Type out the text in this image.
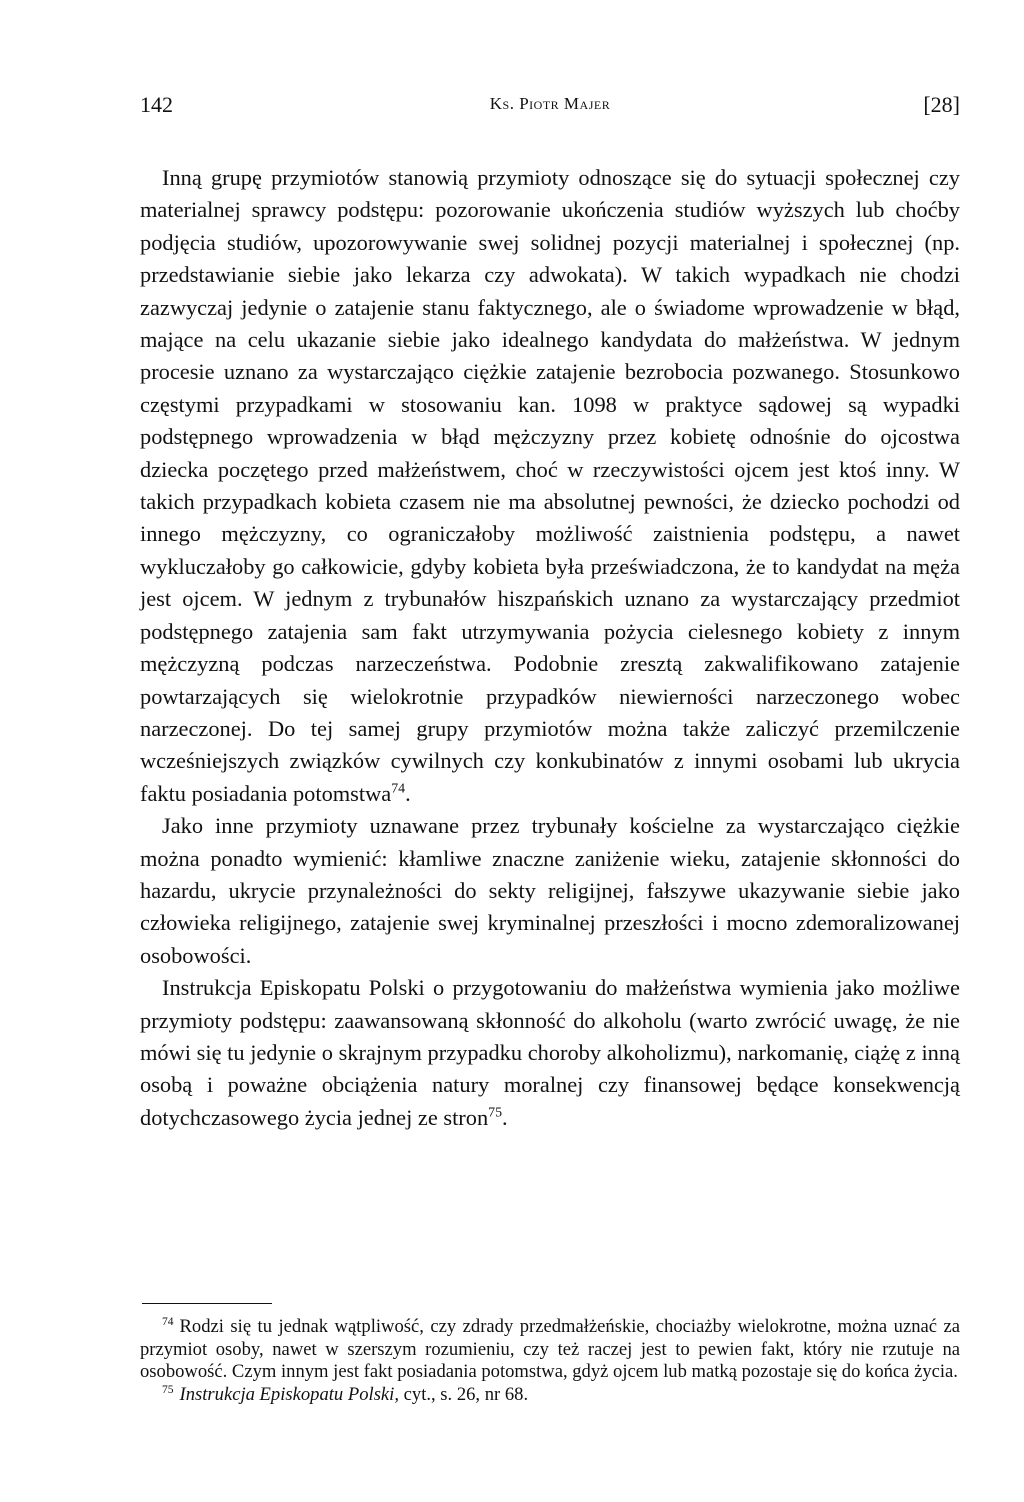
142	Ks. Piotr Majer	[28]

Inną grupę przymiotów stanowią przymioty odnoszące się do sytuacji społecznej czy materialnej sprawcy podstępu: pozorowanie ukończenia studiów wyższych lub choćby podjęcia studiów, upozorowywanie swej solidnej pozycji materialnej i społecznej (np. przedstawianie siebie jako lekarza czy adwokata). W takich wypadkach nie chodzi zazwyczaj jedynie o zatajenie stanu faktycznego, ale o świadome wprowadzenie w błąd, mające na celu ukazanie siebie jako idealnego kandydata do małżeństwa. W jednym procesie uznano za wystarczająco ciężkie zatajenie bezrobocia pozwanego. Stosunkowo częstymi przypadkami w stosowaniu kan. 1098 w praktyce sądowej są wypadki podstępnego wprowadzenia w błąd mężczyzny przez kobietę odnośnie do ojcostwa dziecka poczętego przed małżeństwem, choć w rzeczywistości ojcem jest ktoś inny. W takich przypadkach kobieta czasem nie ma absolutnej pewności, że dziecko pochodzi od innego mężczyzny, co ograniczałoby możliwość zaistnienia podstępu, a nawet wykluczałoby go całkowicie, gdyby kobieta była przeświadczona, że to kandydat na męża jest ojcem. W jednym z trybunałów hiszpańskich uznano za wystarczający przedmiot podstępnego zatajenia sam fakt utrzymywania pożycia cielesnego kobiety z innym mężczyzną podczas narzeczeństwa. Podobnie zresztą zakwalifikowano zatajenie powtarzających się wielokrotnie przypadków niewierności narzeczonego wobec narzeczonej. Do tej samej grupy przymiotów można także zaliczyć przemilczenie wcześniejszych związków cywilnych czy konkubinatów z innymi osobami lub ukrycia faktu posiadania potomstwa$^{74}$.

Jako inne przymioty uznawane przez trybunały kościelne za wystarczająco ciężkie można ponadto wymienić: kłamliwe znaczne zaniżenie wieku, zatajenie skłonności do hazardu, ukrycie przynależności do sekty religijnej, fałszywe ukazywanie siebie jako człowieka religijnego, zatajenie swej kryminalnej przeszłości i mocno zdemoralizowanej osobowości.

Instrukcja Episkopatu Polski o przygotowaniu do małżeństwa wymienia jako możliwe przymioty podstępu: zaawansowaną skłonność do alkoholu (warto zwrócić uwagę, że nie mówi się tu jedynie o skrajnym przypadku choroby alkoholizmu), narkomanię, ciążę z inną osobą i poważne obciążenia natury moralnej czy finansowej będące konsekwencją dotychczasowego życia jednej ze stron$^{75}$.

$^{74}$ Rodzi się tu jednak wątpliwość, czy zdrady przedmałżeńskie, chociażby wielokrotne, można uznać za przymiot osoby, nawet w szerszym rozumieniu, czy też raczej jest to pewien fakt, który nie rzutuje na osobowość. Czym innym jest fakt posiadania potomstwa, gdyż ojcem lub matką pozostaje się do końca życia.

$^{75}$ Instrukcja Episkopatu Polski, cyt., s. 26, nr 68.
